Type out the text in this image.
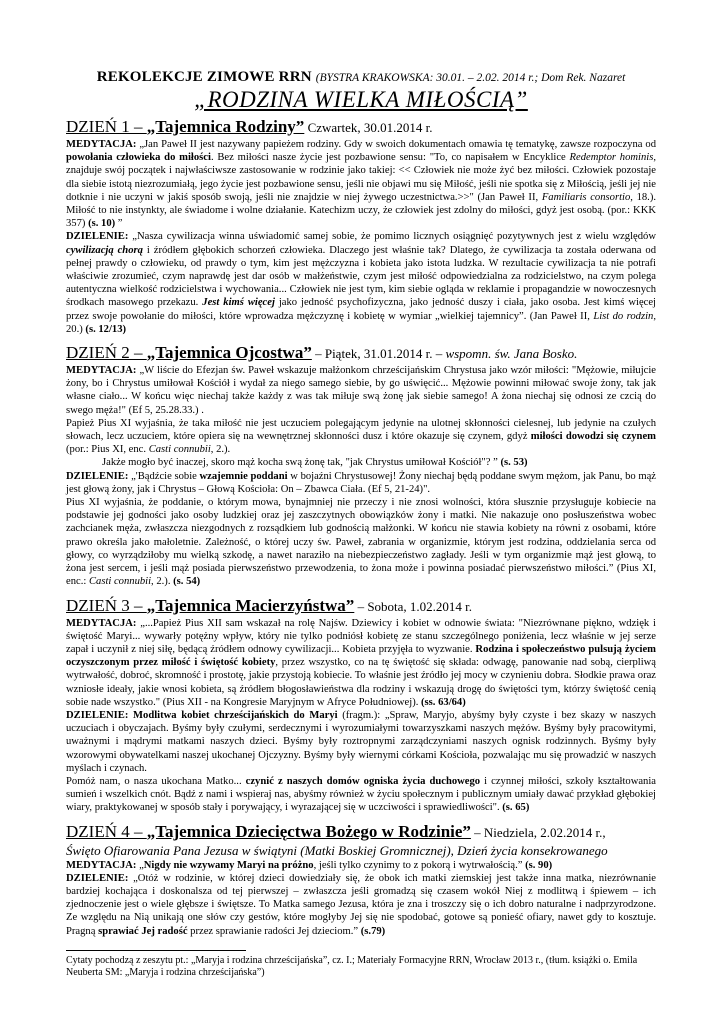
REKOLEKCJE ZIMOWE RRN (BYSTRA KRAKOWSKA: 30.01. – 2.02. 2014 r.; Dom Rek. Nazaret

„RODZINA WIELKA MIŁOŚCIĄ”

DZIEŃ 1 – „Tajemnica Rodziny” Czwartek, 30.01.2014 r.

MEDYTACJA: „Jan Paweł II jest nazywany papieżem rodziny. Gdy w swoich dokumentach omawia tę tematykę, zawsze rozpoczyna od powołania człowieka do miłości. Bez miłości nasze życie jest pozbawione sensu: "To, co napisałem w Encyklice Redemptor hominis, znajduje swój początek i najwłaściwsze zastosowanie w rodzinie jako takiej: << Człowiek nie może żyć bez miłości. Człowiek pozostaje dla siebie istotą niezrozumiałą, jego życie jest pozbawione sensu, jeśli nie objawi mu się Miłość, jeśli nie spotka się z Miłością, jeśli jej nie dotknie i nie uczyni w jakiś sposób swoją, jeśli nie znajdzie w niej żywego uczestnictwa.>>" (Jan Paweł II, Familiaris consortio, 18.). Miłość to nie instynkty, ale świadome i wolne działanie. Katechizm uczy, że człowiek jest zdolny do miłości, gdyż jest osobą. (por.: KKK 357) (s. 10) ”

DZIELENIE: „Nasza cywilizacja winna uświadomić samej sobie, że pomimo licznych osiągnięć pozytywnych jest z wielu względów cywilizacją chorą i źródłem głębokich schorzeń człowieka. Dlaczego jest właśnie tak? Dlatego, że cywilizacja ta została oderwana od pełnej prawdy o człowieku, od prawdy o tym, kim jest mężczyzna i kobieta jako istota ludzka. W rezultacie cywilizacja ta nie potrafi właściwie zrozumieć, czym naprawdę jest dar osób w małżeństwie, czym jest miłość odpowiedzialna za rodzicielstwo, na czym polega autentyczna wielkość rodzicielstwa i wychowania... Człowiek nie jest tym, kim siebie ogląda w reklamie i propagandzie w nowoczesnych środkach masowego przekazu. Jest kimś więcej jako jedność psychofizyczna, jako jedność duszy i ciała, jako osoba. Jest kimś więcej przez swoje powołanie do miłości, które wprowadza mężczyznę i kobietę w wymiar „wielkiej tajemnicy”. (Jan Paweł II, List do rodzin, 20.) (s. 12/13)

DZIEŃ 2 – „Tajemnica Ojcostwa” – Piątek, 31.01.2014 r. – wspomn. św. Jana Bosko.

MEDYTACJA: „W liście do Efezjan św. Paweł wskazuje małżonkom chrześcijańskim Chrystusa jako wzór miłości: "Mężowie, miłujcie żony, bo i Chrystus umiłował Kościół i wydał za niego samego siebie, by go uświęcić... Mężowie powinni miłować swoje żony, tak jak własne ciało... W końcu więc niechaj także każdy z was tak miłuje swą żonę jak siebie samego! A żona niechaj się odnosi ze czcią do swego męża!" (Ef 5, 25.28.33.) .

Papież Pius XI wyjaśnia, że taka miłość nie jest uczuciem polegającym jedynie na ulotnej skłonności cielesnej, lub jedynie na czułych słowach, lecz uczuciem, które opiera się na wewnętrznej skłonności dusz i które okazuje się czynem, gdyż miłości dowodzi się czynem (por.: Pius XI, enc. Casti connubii, 2.).

Jakże mogło być inaczej, skoro mąż kocha swą żonę tak, "jak Chrystus umiłował Kościół"? ” (s. 53)

DZIELENIE: „'Bądźcie sobie wzajemnie poddani w bojaźni Chrystusowej! Żony niechaj będą poddane swym mężom, jak Panu, bo mąż jest głową żony, jak i Chrystus – Głową Kościoła: On – Zbawca Ciała. (Ef 5, 21-24)".

Pius XI wyjaśnia, że poddanie, o którym mowa, bynajmniej nie przeczy i nie znosi wolności, która słusznie przysługuje kobiecie na podstawie jej godności jako osoby ludzkiej oraz jej zaszczytnych obowiązków żony i matki. Nie nakazuje ono posłuszeństwa wobec zachcianek męża, zwłaszcza niezgodnych z rozsądkiem lub godnością małżonki. W końcu nie stawia kobiety na równi z osobami, które prawo określa jako małoletnie. Zależność, o której uczy św. Paweł, zabrania w organizmie, którym jest rodzina, oddzielania serca od głowy, co wyrządziłoby mu wielką szkodę, a nawet naraziło na niebezpieczeństwo zagłady. Jeśli w tym organizmie mąż jest głową, to żona jest sercem, i jeśli mąż posiada pierwszeństwo przewodzenia, to żona może i powinna posiadać pierwszeństwo miłości.” (Pius XI, enc.: Casti connubii, 2.). (s. 54)

DZIEŃ 3 – „Tajemnica Macierzyństwa” – Sobota, 1.02.2014 r.

MEDYTACJA: „...Papież Pius XII sam wskazał na rolę Najśw. Dziewicy i kobiet w odnowie świata: "Niezrównane piękno, wdzięk i świętość Maryi... wywarły potężny wpływ, który nie tylko podniósł kobietę ze stanu szczególnego poniżenia, lecz właśnie w jej serze zapał i uczynił z niej siłę, będącą źródłem odnowy cywilizacji... Kobieta przyjęła to wyzwanie. Rodzina i społeczeństwo pulsują życiem oczyszczonym przez miłość i świętość kobiety, przez wszystko, co na tę świętość się składa: odwagę, panowanie nad sobą, cierpliwą wytrwałość, dobroć, skromność i prostotę, jakie przystoją kobiecie. To właśnie jest źródło jej mocy w czynieniu dobra. Słodkie prawa oraz wzniosłe ideały, jakie wnosi kobieta, są źródłem błogosławieństwa dla rodziny i wskazują drogę do świętości tym, którzy świętość cenią sobie nade wszystko." (Pius XII - na Kongresie Maryjnym w Afryce Południowej). (ss. 63/64)

DZIELENIE: Modlitwa kobiet chrześcijańskich do Maryi (fragm.): „Spraw, Maryjo, abyśmy były czyste i bez skazy w naszych uczuciach i obyczajach. Byśmy były czułymi, serdecznymi i wyrozumiałymi towarzyszkami naszych mężów. Byśmy były pracowitymi, uważnymi i mądrymi matkami naszych dzieci. Byśmy były roztropnymi zarządczyniami naszych ognisk rodzinnych. Byśmy były wzorowymi obywatelkami naszej ukochanej Ojczyzny. Byśmy były wiernymi córkami Kościoła, pozwalając mu się prowadzić w naszych myślach i czynach.

Pomóż nam, o nasza ukochana Matko... czynić z naszych domów ogniska życia duchowego i czynnej miłości, szkoły kształtowania sumień i wszelkich cnót. Bądź z nami i wspieraj nas, abyśmy również w życiu społecznym i publicznym umiały dawać przykład głębokiej wiary, praktykowanej w sposób stały i porywający, i wyrazającej się w uczciwości i sprawiedliwości". (s. 65)

DZIEŃ 4 – „Tajemnica Dziecięctwa Bożego w Rodzinie” – Niedziela, 2.02.2014 r.,

Święto Ofiarowania Pana Jezusa w świątyni (Matki Boskiej Gromnicznej), Dzień życia konsekrowanego

MEDYTACJA: „Nigdy nie wzywamy Maryi na próżno, jeśli tylko czynimy to z pokorą i wytrwałością.” (s. 90)

DZIELENIE: „Otóż w rodzinie, w której dzieci dowiedziały się, że obok ich matki ziemskiej jest także inna matka, niezrównanie bardziej kochająca i doskonalsza od tej pierwszej – zwłaszcza jeśli gromadzą się czasem wokół Niej z modlitwą i śpiewem – ich zjednoczenie jest o wiele głębsze i świętsze. To Matka samego Jezusa, która je zna i troszczy się o ich dobro naturalne i nadprzyrodzone. Ze względu na Nią unikają one słów czy gestów, które mogłyby Jej się nie spodobać, gotowe są ponieść ofiary, nawet gdy to kosztuje. Pragną sprawiać Jej radość przez sprawianie radości Jej dzieciom.” (s.79)

Cytaty pochodzą z zeszytu pt.: „Maryja i rodzina chrześcijańska”, cz. I.; Materiały Formacyjne RRN, Wrocław 2013 r., (tłum. książki o. Emila Neuberta SM: „Maryja i rodzina chrześcijańska”)
